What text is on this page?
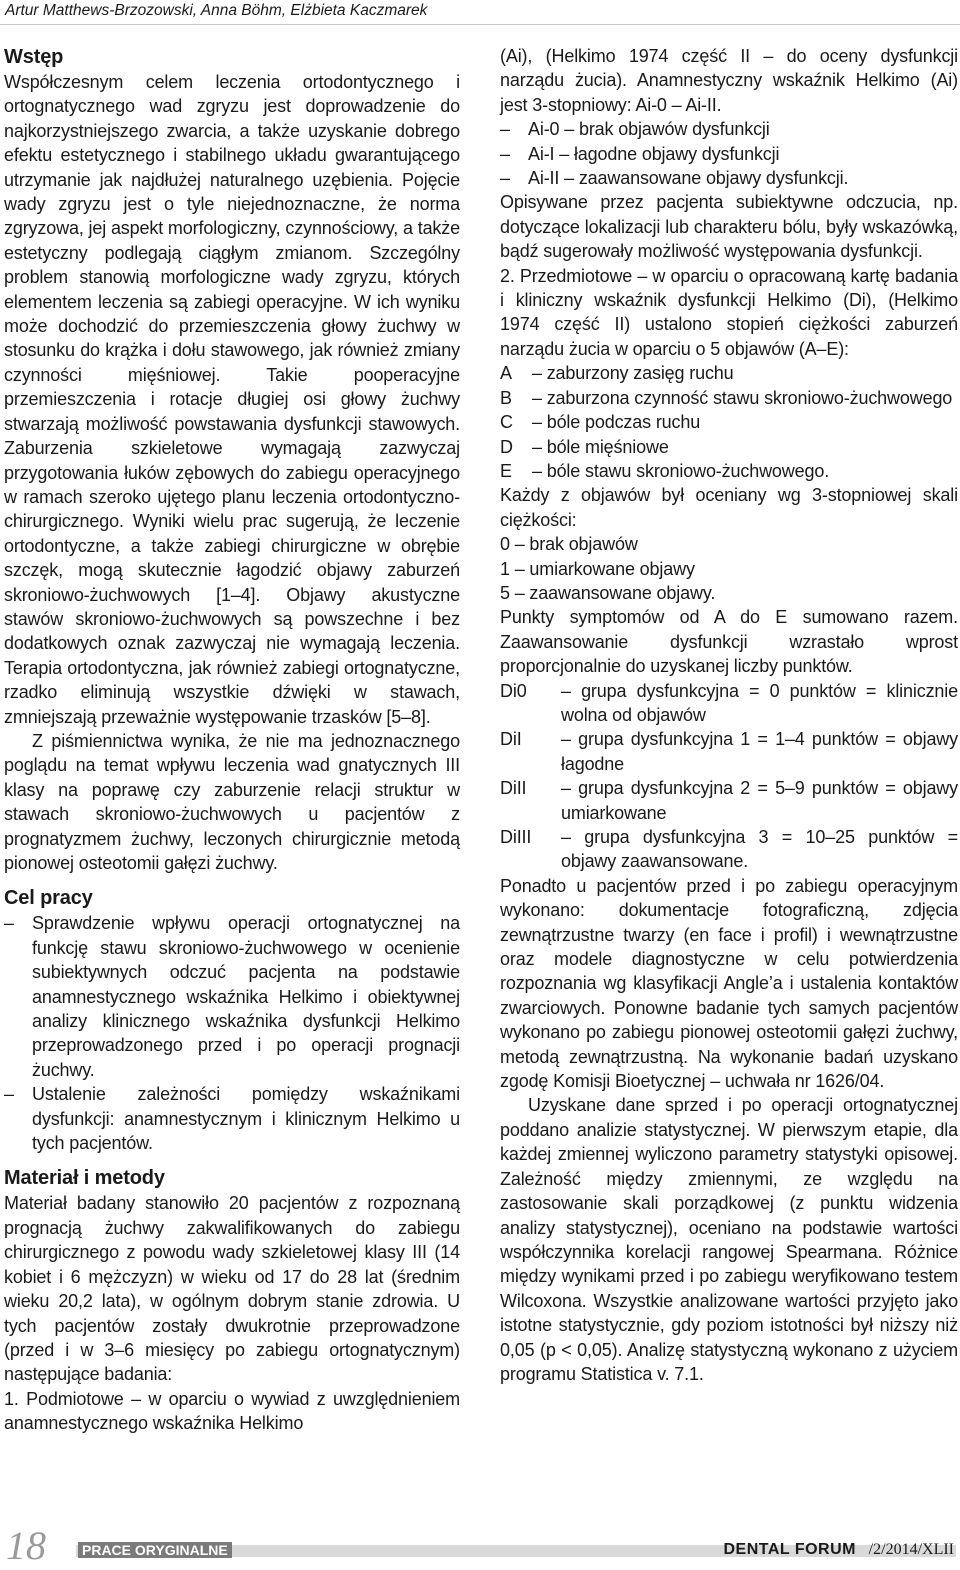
Artur Matthews-Brzozowski, Anna Böhm, Elżbieta Kaczmarek
Wstęp

Współczesnym celem leczenia ortodontycznego i ortognatycznego wad zgryzu jest doprowadzenie do najkorzystniejszego zwarcia, a także uzyskanie dobrego efektu estetycznego i stabilnego układu gwarantującego utrzymanie jak najdłużej naturalnego uzębienia. Pojęcie wady zgryzu jest o tyle niejednoznaczne, że norma zgryzowa, jej aspekt morfologiczny, czynnościowy, a także estetyczny podlegają ciągłym zmianom. Szczególny problem stanowią morfologiczne wady zgryzu, których elementem leczenia są zabiegi operacyjne. W ich wyniku może dochodzić do przemieszczenia głowy żuchwy w stosunku do krążka i dołu stawowego, jak również zmiany czynności mięśniowej. Takie pooperacyjne przemieszczenia i rotacje długiej osi głowy żuchwy stwarzają możliwość powstawania dysfunkcji stawowych. Zaburzenia szkieletowe wymagają zazwyczaj przygotowania łuków zębowych do zabiegu operacyjnego w ramach szeroko ujętego planu leczenia ortodontyczno-chirurgicznego. Wyniki wielu prac sugerują, że leczenie ortodontyczne, a także zabiegi chirurgiczne w obrębie szczęk, mogą skutecznie łagodzić objawy zaburzeń skroniowo-żuchwowych [1–4]. Objawy akustyczne stawów skroniowo-żuchwowych są powszechne i bez dodatkowych oznak zazwyczaj nie wymagają leczenia. Terapia ortodontyczna, jak również zabiegi ortognatyczne, rzadko eliminują wszystkie dźwięki w stawach, zmniejszają przeważnie występowanie trzasków [5–8].

Z piśmiennictwa wynika, że nie ma jednoznacznego poglądu na temat wpływu leczenia wad gnatycznych III klasy na poprawę czy zaburzenie relacji struktur w stawach skroniowo-żuchwowych u pacjentów z prognatyzmem żuchwy, leczonych chirurgicznie metodą pionowej osteotomii gałęzi żuchwy.

Cel pracy
–	Sprawdzenie wpływu operacji ortognatycznej na funkcję stawu skroniowo-żuchwowego w ocenienie subiektywnych odczuć pacjenta na podstawie anamnestycznego wskaźnika Helkimo i obiektywnej analizy klinicznego wskaźnika dysfunkcji Helkimo przeprowadzonego przed i po operacji prognacji żuchwy.
–	Ustalenie zależności pomiędzy wskaźnikami dysfunkcji: anamnestycznym i klinicznym Helkimo u tych pacjentów.
Materiał i metody

Materiał badany stanowiło 20 pacjentów z rozpoznaną prognacją żuchwy zakwalifikowanych do zabiegu chirurgicznego z powodu wady szkieletowej klasy III (14 kobiet i 6 mężczyzn) w wieku od 17 do 28 lat (średnim wieku 20,2 lata), w ogólnym dobrym stanie zdrowia. U tych pacjentów zostały dwukrotnie przeprowadzone (przed i w 3–6 miesięcy po zabiegu ortognatycznym) następujące badania:

1. Podmiotowe – w oparciu o wywiad z uwzględnieniem anamnestycznego wskaźnika Helkimo

(Ai), (Helkimo 1974 część II – do oceny dysfunkcji narządu żucia). Anamnestyczny wskaźnik Helkimo (Ai) jest 3-stopniowy: Ai-0 – Ai-II.

–	Ai-0 – brak objawów dysfunkcji
–	Ai-I – łagodne objawy dysfunkcji
–	Ai-II – zaawansowane objawy dysfunkcji.

Opisywane przez pacjenta subiektywne odczucia, np. dotyczące lokalizacji lub charakteru bólu, były wskazówką, bądź sugerowały możliwość występowania dysfunkcji.

2. Przedmiotowe – w oparciu o opracowaną kartę badania i kliniczny wskaźnik dysfunkcji Helkimo (Di), (Helkimo 1974 część II) ustalono stopień ciężkości zaburzeń narządu żucia w oparciu o 5 objawów (A–E):

A	– zaburzony zasięg ruchu
B	– zaburzona czynność stawu skroniowo-żuchwowego
C	– bóle podczas ruchu
D	– bóle mięśniowe
E	– bóle stawu skroniowo-żuchwowego.

Każdy z objawów był oceniany wg 3-stopniowej skali ciężkości:

0 – brak objawów

1 – umiarkowane objawy

5 – zaawansowane objawy.

Punkty symptomów od A do E sumowano razem. Zaawansowanie dysfunkcji wzrastało wprost proporcjonalnie do uzyskanej liczby punktów.

Di0	– grupa dysfunkcyjna = 0 punktów = klinicznie wolna od objawów
DiI	– grupa dysfunkcyjna 1 = 1–4 punktów = objawy łagodne
DiII	– grupa dysfunkcyjna 2 = 5–9 punktów = objawy umiarkowane
DiIII	– grupa dysfunkcyjna 3 = 10–25 punktów = objawy zaawansowane.

Ponadto u pacjentów przed i po zabiegu operacyjnym wykonano: dokumentacje fotograficzną, zdjęcia zewnątrzustne twarzy (en face i profil) i wewnątrzustne oraz modele diagnostyczne w celu potwierdzenia rozpoznania wg klasyfikacji Angle’a i ustalenia kontaktów zwarciowych. Ponowne badanie tych samych pacjentów wykonano po zabiegu pionowej osteotomii gałęzi żuchwy, metodą zewnątrzustną. Na wykonanie badań uzyskano zgodę Komisji Bioetycznej – uchwała nr 1626/04.

Uzyskane dane sprzed i po operacji ortognatycznej poddano analizie statystycznej. W pierwszym etapie, dla każdej zmiennej wyliczono parametry statystyki opisowej. Zależność między zmiennymi, ze względu na zastosowanie skali porządkowej (z punktu widzenia analizy statystycznej), oceniano na podstawie wartości współczynnika korelacji rangowej Spearmana. Różnice między wynikami przed i po zabiegu weryfikowano testem Wilcoxona. Wszystkie analizowane wartości przyjęto jako istotne statystycznie, gdy poziom istotności był niższy niż 0,05 (p < 0,05). Analizę statystyczną wykonano z użyciem programu Statistica v. 7.1.

18	PRACE ORYGINALNE	DENTAL FORUM /2/2014/XLII
